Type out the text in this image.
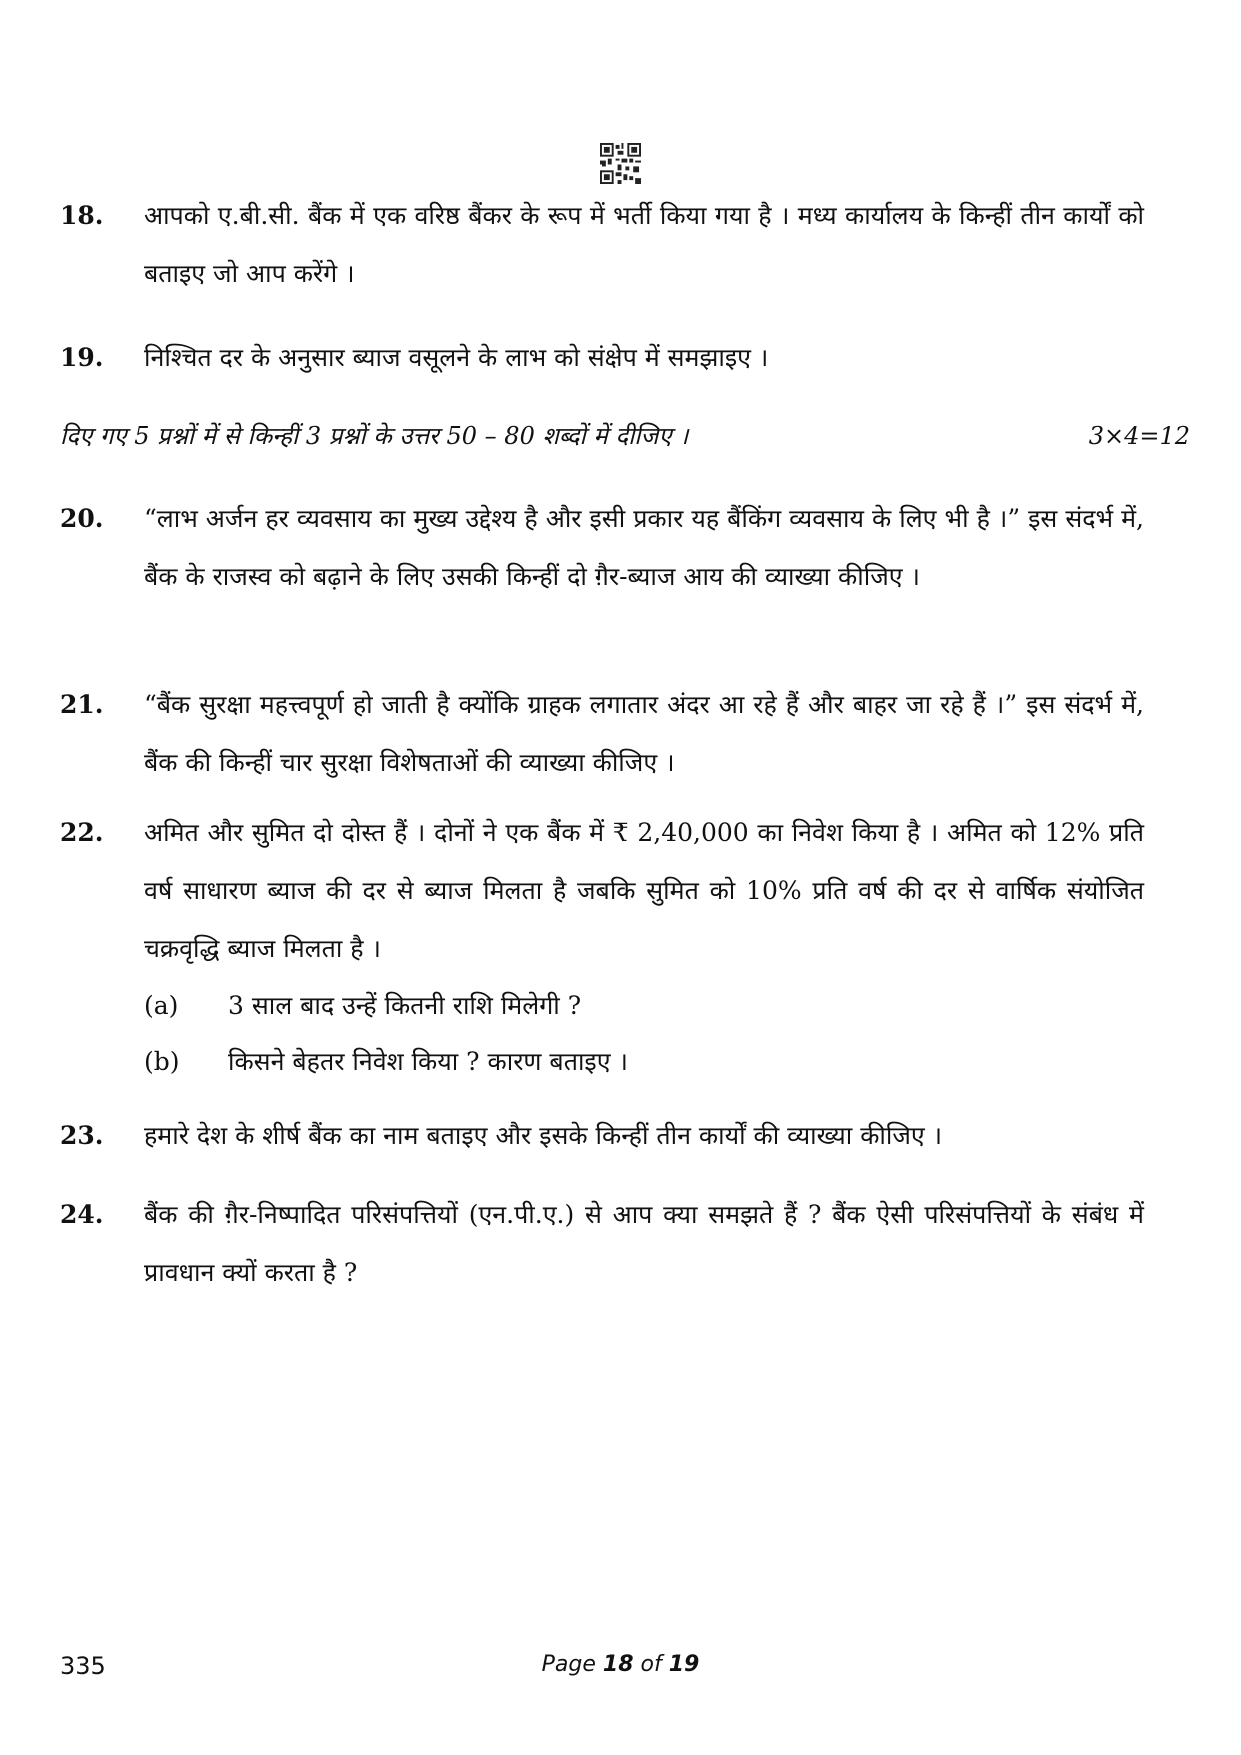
18.	आपको ए.बी.सी. बैंक में एक वरिष्ठ बैंकर के रूप में भर्ती किया गया है । मध्य कार्यालय के किन्हीं तीन कार्यों को बताइए जो आप करेंगे ।
19.	निश्चित दर के अनुसार ब्याज वसूलने के लाभ को संक्षेप में समझाइए ।
दिए गए 5 प्रश्नों में से किन्हीं 3 प्रश्नों के उत्तर 50 – 80 शब्दों में दीजिए ।	3×4=12
20.	“लाभ अर्जन हर व्यवसाय का मुख्य उद्देश्य है और इसी प्रकार यह बैंकिंग व्यवसाय के लिए भी है ।” इस संदर्भ में, बैंक के राजस्व को बढ़ाने के लिए उसकी किन्हीं दो ग़ैर-ब्याज आय की व्याख्या कीजिए ।
21.	“बैंक सुरक्षा महत्त्वपूर्ण हो जाती है क्योंकि ग्राहक लगातार अंदर आ रहे हैं और बाहर जा रहे हैं ।” इस संदर्भ में, बैंक की किन्हीं चार सुरक्षा विशेषताओं की व्याख्या कीजिए ।
22.	अमित और सुमित दो दोस्त हैं । दोनों ने एक बैंक में ₹ 2,40,000 का निवेश किया है । अमित को 12% प्रति वर्ष साधारण ब्याज की दर से ब्याज मिलता है जबकि सुमित को 10% प्रति वर्ष की दर से वार्षिक संयोजित चक्रवृद्धि ब्याज मिलता है ।
(a) 3 साल बाद उन्हें कितनी राशि मिलेगी ?
(b) किसने बेहतर निवेश किया ? कारण बताइए ।
23.	हमारे देश के शीर्ष बैंक का नाम बताइए और इसके किन्हीं तीन कार्यों की व्याख्या कीजिए ।
24.	बैंक की ग़ैर-निष्पादित परिसंपत्तियों (एन.पी.ए.) से आप क्या समझते हैं ? बैंक ऐसी परिसंपत्तियों के संबंध में प्रावधान क्यों करता है ?
335	Page 18 of 19
